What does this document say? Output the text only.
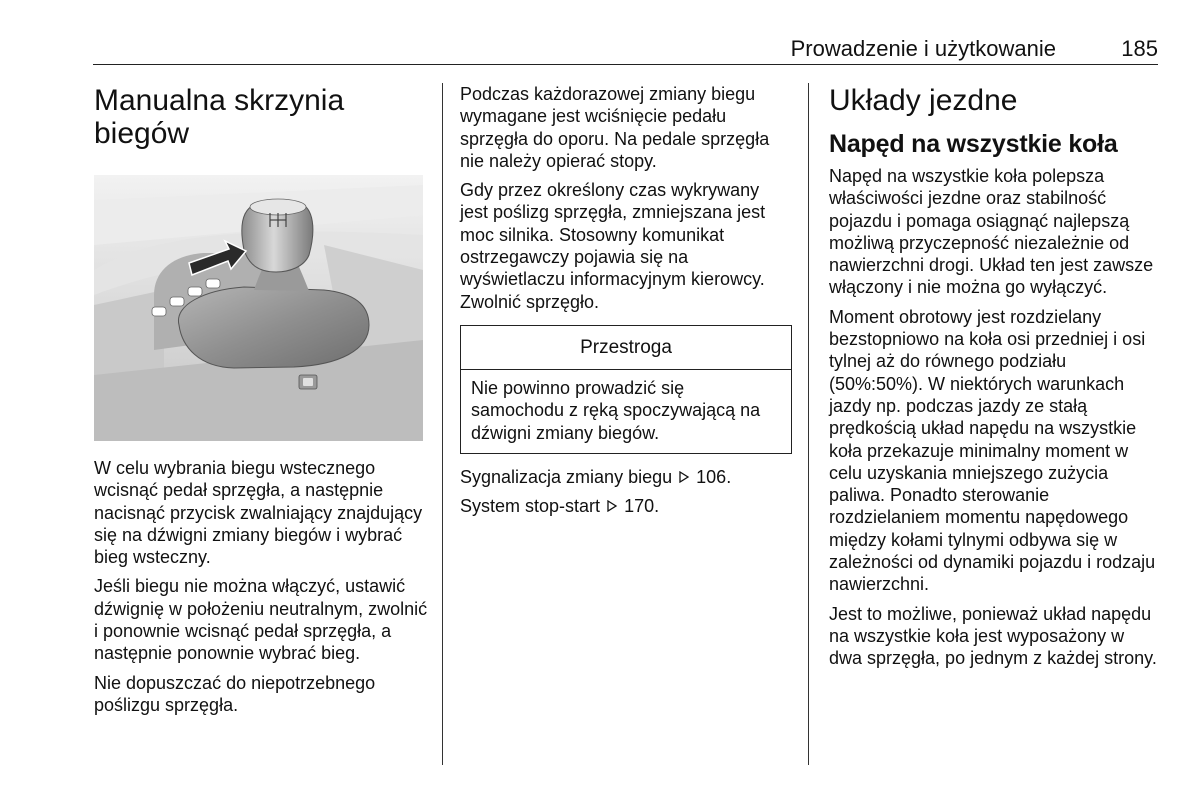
Prowadzenie i użytkowanie	185
Manualna skrzynia
biegów

W celu wybrania biegu wstecznego wcisnąć pedał sprzęgła, a następnie nacisnąć przycisk zwalniający znajdujący się na dźwigni zmiany biegów i wybrać bieg wsteczny.

Jeśli biegu nie można włączyć, ustawić dźwignię w położeniu neutralnym, zwolnić i ponownie wcisnąć pedał sprzęgła, a następnie ponownie wybrać bieg.

Nie dopuszczać do niepotrzebnego poślizgu sprzęgła.

Podczas każdorazowej zmiany biegu wymagane jest wciśnięcie pedału sprzęgła do oporu. Na pedale sprzęgła nie należy opierać stopy.

Gdy przez określony czas wykrywany jest poślizg sprzęgła, zmniejszana jest moc silnika. Stosowny komunikat ostrzegawczy pojawia się na wyświetlaczu informacyjnym kierowcy. Zwolnić sprzęgło.

Przestroga
Nie powinno prowadzić się samochodu z ręką spoczywającą na dźwigni zmiany biegów.

Sygnalizacja zmiany biegu 106.

System stop-start 170.

Układy jezdne
Napęd na wszystkie koła

Napęd na wszystkie koła polepsza właściwości jezdne oraz stabilność pojazdu i pomaga osiągnąć najlepszą możliwą przyczepność niezależnie od nawierzchni drogi. Układ ten jest zawsze włączony i nie można go wyłączyć.

Moment obrotowy jest rozdzielany bezstopniowo na koła osi przedniej i osi tylnej aż do równego podziału (50%:50%). W niektórych warunkach jazdy np. podczas jazdy ze stałą prędkością układ napędu na wszystkie koła przekazuje minimalny moment w celu uzyskania mniejszego zużycia paliwa. Ponadto sterowanie rozdzielaniem momentu napędowego między kołami tylnymi odbywa się w zależności od dynamiki pojazdu i rodzaju nawierzchni.

Jest to możliwe, ponieważ układ napędu na wszystkie koła jest wyposażony w dwa sprzęgła, po jednym z każdej strony.
